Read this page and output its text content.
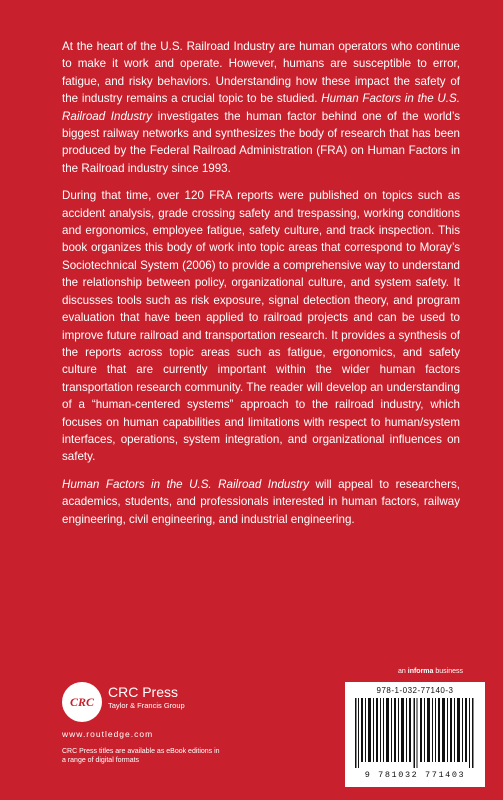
At the heart of the U.S. Railroad Industry are human operators who continue to make it work and operate. However, humans are susceptible to error, fatigue, and risky behaviors. Understanding how these impact the safety of the industry remains a crucial topic to be studied. Human Factors in the U.S. Railroad Industry investigates the human factor behind one of the world’s biggest railway networks and synthesizes the body of research that has been produced by the Federal Railroad Administration (FRA) on Human Factors in the Railroad industry since 1993.

During that time, over 120 FRA reports were published on topics such as accident analysis, grade crossing safety and trespassing, working conditions and ergonomics, employee fatigue, safety culture, and track inspection. This book organizes this body of work into topic areas that correspond to Moray’s Sociotechnical System (2006) to provide a comprehensive way to understand the relationship between policy, organizational culture, and system safety. It discusses tools such as risk exposure, signal detection theory, and program evaluation that have been applied to railroad projects and can be used to improve future railroad and transportation research. It provides a synthesis of the reports across topic areas such as fatigue, ergonomics, and safety culture that are currently important within the wider human factors transportation research community. The reader will develop an understanding of a “human-centered systems” approach to the railroad industry, which focuses on human capabilities and limitations with respect to human/system interfaces, operations, system integration, and organizational influences on safety.

Human Factors in the U.S. Railroad Industry will appeal to researchers, academics, students, and professionals interested in human factors, railway engineering, civil engineering, and industrial engineering.

an informa business
CRC
CRC Press
Taylor & Francis Group
www.routledge.com
CRC Press titles are available as eBook editions in a range of digital formats
978-1-032-77140-3
9 781032 771403
